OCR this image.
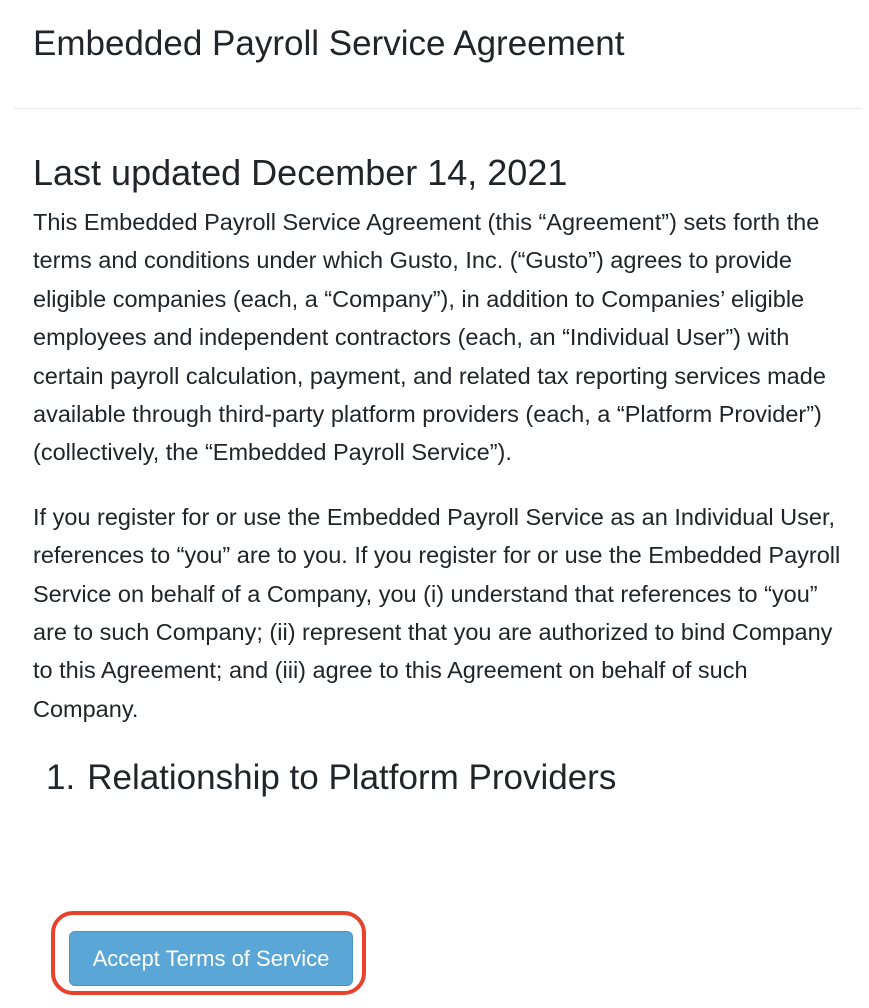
Embedded Payroll Service Agreement
Last updated December 14, 2021

This Embedded Payroll Service Agreement (this “Agreement”) sets forth the terms and conditions under which Gusto, Inc. (“Gusto”) agrees to provide eligible companies (each, a “Company”), in addition to Companies’ eligible employees and independent contractors (each, an “Individual User”) with certain payroll calculation, payment, and related tax reporting services made available through third-party platform providers (each, a “Platform Provider”) (collectively, the “Embedded Payroll Service”).

If you register for or use the Embedded Payroll Service as an Individual User, references to “you” are to you. If you register for or use the Embedded Payroll Service on behalf of a Company, you (i) understand that references to “you” are to such Company; (ii) represent that you are authorized to bind Company to this Agreement; and (iii) agree to this Agreement on behalf of such Company.

1. Relationship to Platform Providers
Accept Terms of Service
